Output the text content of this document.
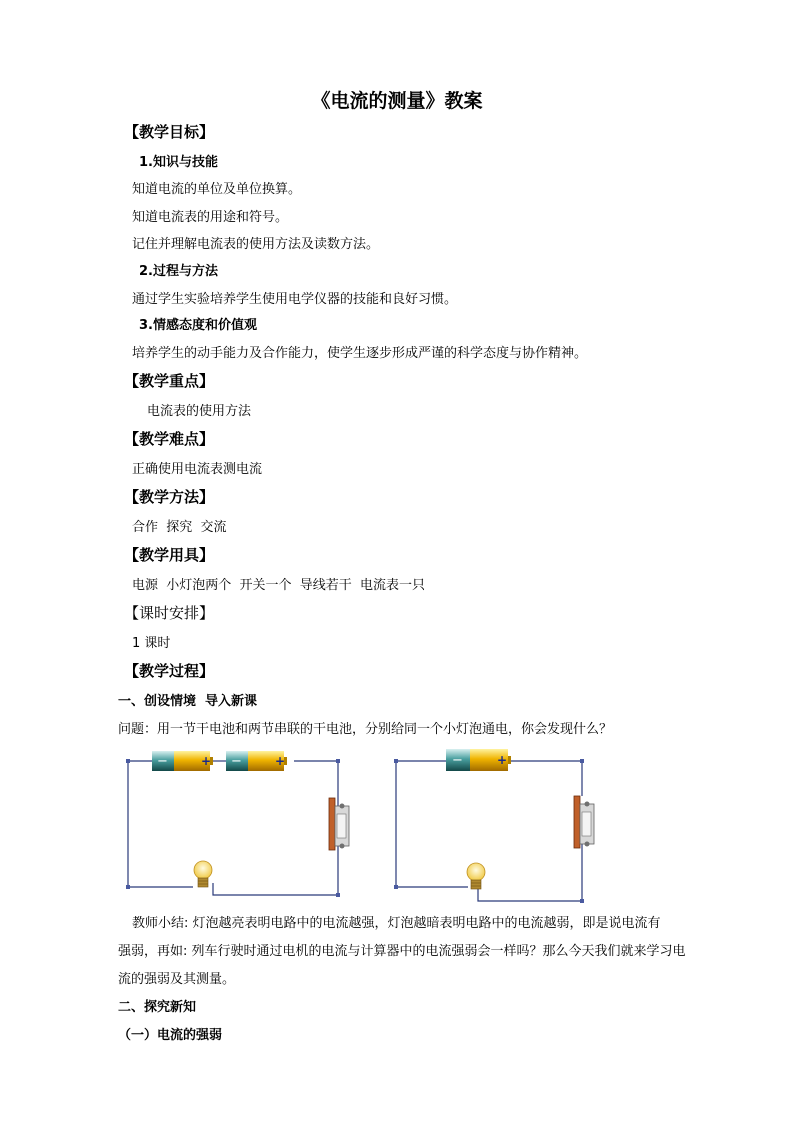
《电流的测量》教案
【教学目标】
1.知识与技能
知道电流的单位及单位换算。
知道电流表的用途和符号。
记住并理解电流表的使用方法及读数方法。
2.过程与方法
通过学生实验培养学生使用电学仪器的技能和良好习惯。
3.情感态度和价值观
培养学生的动手能力及合作能力，使学生逐步形成严谨的科学态度与协作精神。
【教学重点】
电流表的使用方法
【教学难点】
正确使用电流表测电流
【教学方法】
合作  探究  交流
【教学用具】
电源  小灯泡两个  开关一个  导线若干  电流表一只
【课时安排】
1 课时
【教学过程】
一、创设情境  导入新课
问题：用一节干电池和两节串联的干电池，分别给同一个小灯泡通电，你会发现什么？
−	+ −	+	−	+
教师小结: 灯泡越亮表明电路中的电流越强，灯泡越暗表明电路中的电流越弱，即是说电流有
强弱，再如: 列车行驶时通过电机的电流与计算器中的电流强弱会一样吗？那么今天我们就来学习电
流的强弱及其测量。
二、探究新知
（一）电流的强弱
